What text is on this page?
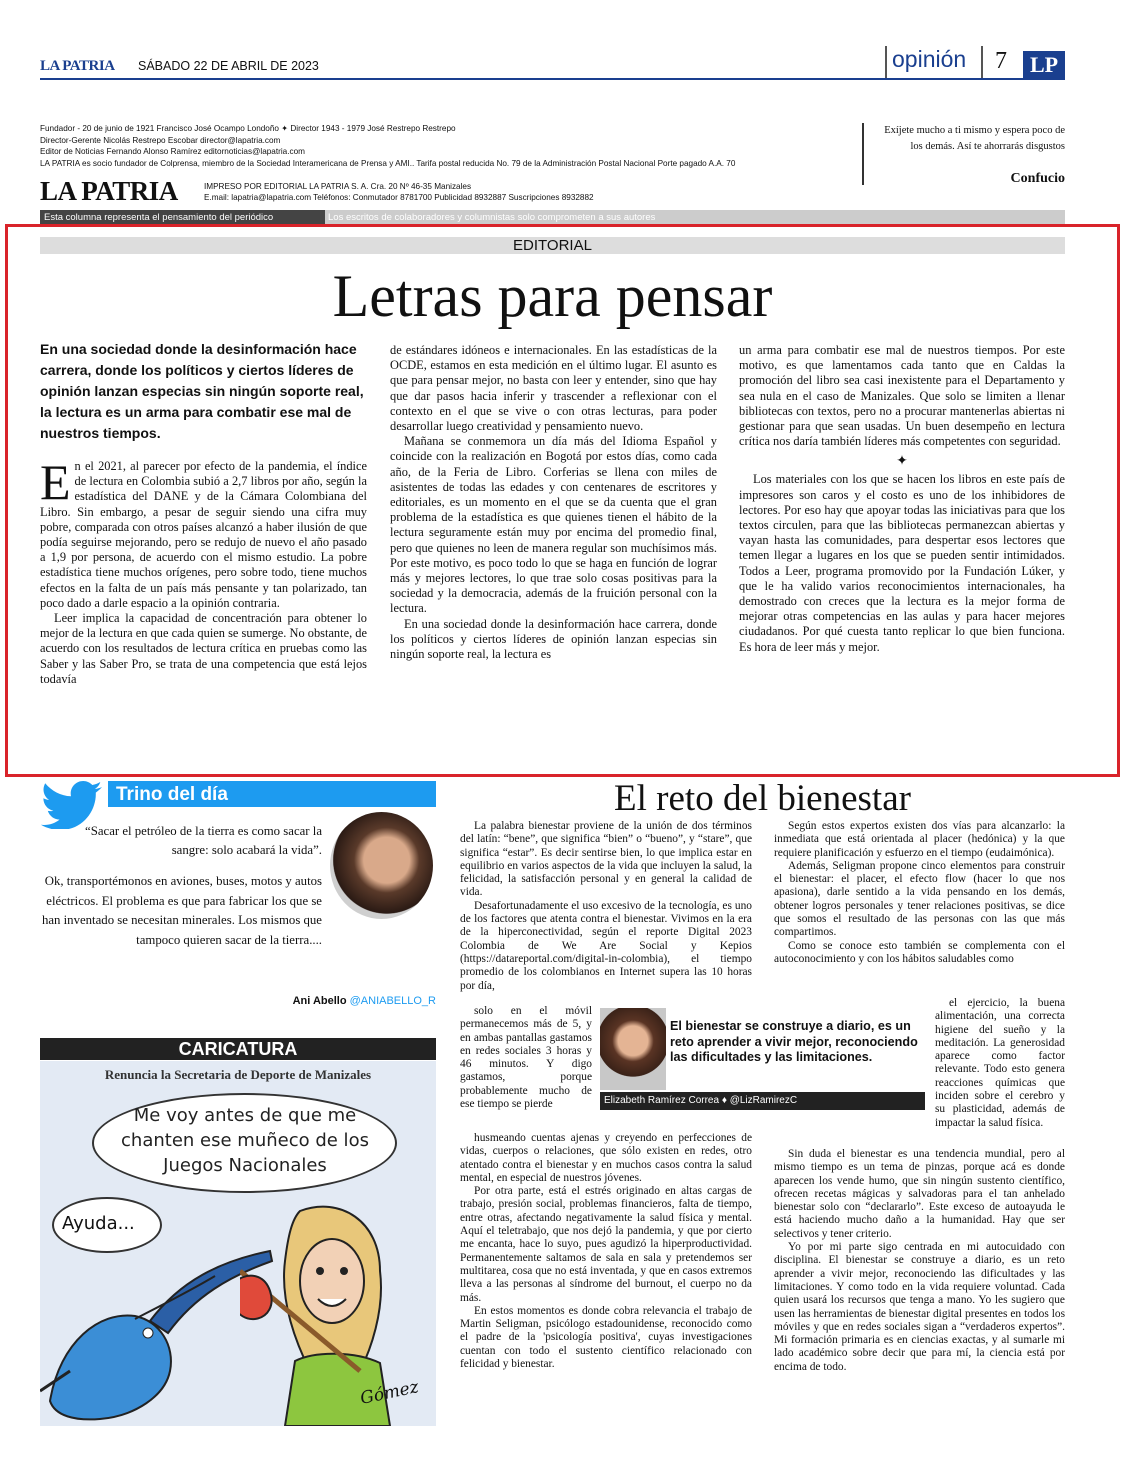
LA PATRIA SÁBADO 22 DE ABRIL DE 2023	opinión 7	LP
Fundador - 20 de junio de 1921 Francisco José Ocampo Londoño ✦ Director 1943 - 1979 José Restrepo Restrepo
Director-Gerente Nicolás Restrepo Escobar director@lapatria.com
Editor de Noticias Fernando Alonso Ramírez editornoticias@lapatria.com
LA PATRIA es socio fundador de Colprensa, miembro de la Sociedad Interamericana de Prensa y AMI.. Tarifa postal reducida No. 79 de la Administración Postal Nacional Porte pagado A.A. 70
LA PATRIA	IMPRESO POR EDITORIAL LA PATRIA S. A. Cra. 20 Nº 46-35 Manizales
E.mail: lapatria@lapatria.com Teléfonos: Conmutador 8781700 Publicidad 8932887 Suscripciones 8932882
Exíjete mucho a ti mismo y espera poco de los demás. Así te ahorrarás disgustos
Confucio
Esta columna representa el pensamiento del periódico	Los escritos de colaboradores y columnistas solo comprometen a sus autores
EDITORIAL
Letras para pensar
En una sociedad donde la desinformación hace carrera, donde los políticos y ciertos líderes de opinión lanzan especias sin ningún soporte real, la lectura es un arma para combatir ese mal de nuestros tiempos.

En el 2021, al parecer por efecto de la pandemia, el índice de lectura en Colombia subió a 2,7 libros por año, según la estadística del DANE y de la Cámara Colombiana del Libro. Sin embargo, a pesar de seguir siendo una cifra muy pobre, comparada con otros países alcanzó a haber ilusión de que podía seguirse mejorando, pero se redujo de nuevo el año pasado a 1,9 por persona, de acuerdo con el mismo estudio. La pobre estadística tiene muchos orígenes, pero sobre todo, tiene muchos efectos en la falta de un país más pensante y tan polarizado, tan poco dado a darle espacio a la opinión contraria.

Leer implica la capacidad de concentración para obtener lo mejor de la lectura en que cada quien se sumerge. No obstante, de acuerdo con los resultados de lectura crítica en pruebas como las Saber y las Saber Pro, se trata de una competencia que está lejos todavía

de estándares idóneos e internacionales. En las estadísticas de la OCDE, estamos en esta medición en el último lugar. El asunto es que para pensar mejor, no basta con leer y entender, sino que hay que dar pasos hacia inferir y trascender a reflexionar con el contexto en el que se vive o con otras lecturas, para poder desarrollar luego creatividad y pensamiento nuevo.

Mañana se conmemora un día más del Idioma Español y coincide con la realización en Bogotá por estos días, como cada año, de la Feria de Libro. Corferias se llena con miles de asistentes de todas las edades y con centenares de escritores y editoriales, es un momento en el que se da cuenta que el gran problema de la estadística es que quienes tienen el hábito de la lectura seguramente están muy por encima del promedio final, pero que quienes no leen de manera regular son muchísimos más. Por este motivo, es poco todo lo que se haga en función de lograr más y mejores lectores, lo que trae solo cosas positivas para la sociedad y la democracia, además de la fruición personal con la lectura.

En una sociedad donde la desinformación hace carrera, donde los políticos y ciertos líderes de opinión lanzan especias sin ningún soporte real, la lectura es

un arma para combatir ese mal de nuestros tiempos. Por este motivo, es que lamentamos cada tanto que en Caldas la promoción del libro sea casi inexistente para el Departamento y sea nula en el caso de Manizales. Que solo se limiten a llenar bibliotecas con textos, pero no a procurar mantenerlas abiertas ni gestionar para que sean usadas. Un buen desempeño en lectura crítica nos daría también líderes más competentes con seguridad.

✦

Los materiales con los que se hacen los libros en este país de impresores son caros y el costo es uno de los inhibidores de lectores. Por eso hay que apoyar todas las iniciativas para que los textos circulen, para que las bibliotecas permanezcan abiertas y vayan hasta las comunidades, para despertar esos lectores que temen llegar a lugares en los que se pueden sentir intimidados. Todos a Leer, programa promovido por la Fundación Lúker, y que le ha valido varios reconocimientos internacionales, ha demostrado con creces que la lectura es la mejor forma de mejorar otras competencias en las aulas y para hacer mejores ciudadanos. Por qué cuesta tanto replicar lo que bien funciona. Es hora de leer más y mejor.

Trino del día
“Sacar el petróleo de la tierra es como sacar la sangre: solo acabará la vida”.
Ok, transportémonos en aviones, buses, motos y autos eléctricos. El problema es que para fabricar los que se han inventado se necesitan minerales. Los mismos que tampoco quieren sacar de la tierra....
Ani Abello @ANIABELLO_R
CARICATURA
Renuncia la Secretaria de Deporte de Manizales
Me voy antes de que me chanten ese muñeco de los Juegos Nacionales
Ayuda...
Gómez
El reto del bienestar

La palabra bienestar proviene de la unión de dos términos del latín: “bene”, que significa “bien” o “bueno”, y “stare”, que significa “estar”. Es decir sentirse bien, lo que implica estar en equilibrio en varios aspectos de la vida que incluyen la salud, la felicidad, la satisfacción personal y en general la calidad de vida.

Desafortunadamente el uso excesivo de la tecnología, es uno de los factores que atenta contra el bienestar. Vivimos en la era de la hiperconectividad, según el reporte Digital 2023 Colombia de We Are Social y Kepios (https://datareportal.com/digital-in-colombia), el tiempo promedio de los colombianos en Internet supera las 10 horas por día,

solo en el móvil permanecemos más de 5, y en ambas pantallas gastamos en redes sociales 3 horas y 46 minutos. Y digo gastamos, porque probablemente mucho de ese tiempo se pierde

husmeando cuentas ajenas y creyendo en perfecciones de vidas, cuerpos o relaciones, que sólo existen en redes, otro atentado contra el bienestar y en muchos casos contra la salud mental, en especial de nuestros jóvenes.

Por otra parte, está el estrés originado en altas cargas de trabajo, presión social, problemas financieros, falta de tiempo, entre otras, afectando negativamente la salud física y mental. Aquí el teletrabajo, que nos dejó la pandemia, y que por cierto me encanta, hace lo suyo, pues agudizó la hiperproductividad. Permanentemente saltamos de sala en sala y pretendemos ser multitarea, cosa que no está inventada, y que en casos extremos lleva a las personas al síndrome del burnout, el cuerpo no da más.

En estos momentos es donde cobra relevancia el trabajo de Martin Seligman, psicólogo estadounidense, reconocido como el padre de la 'psicología positiva', cuyas investigaciones cuentan con todo el sustento científico relacionado con felicidad y bienestar.

Según estos expertos existen dos vías para alcanzarlo: la inmediata que está orientada al placer (hedónica) y la que requiere planificación y esfuerzo en el tiempo (eudaimónica).

Además, Seligman propone cinco elementos para construir el bienestar: el placer, el efecto flow (hacer lo que nos apasiona), darle sentido a la vida pensando en los demás, obtener logros personales y tener relaciones positivas, se dice que somos el resultado de las personas con las que más compartimos.

Como se conoce esto también se complementa con el autoconocimiento y con los hábitos saludables como

el ejercicio, la buena alimentación, una correcta higiene del sueño y la meditación. La generosidad aparece como factor relevante. Todo esto genera reacciones químicas que inciden sobre el cerebro y su plasticidad, además de impactar la salud física.

Sin duda el bienestar es una tendencia mundial, pero al mismo tiempo es un tema de pinzas, porque acá es donde aparecen los vende humo, que sin ningún sustento científico, ofrecen recetas mágicas y salvadoras para el tan anhelado bienestar solo con “declararlo”. Este exceso de autoayuda le está haciendo mucho daño a la humanidad. Hay que ser selectivos y tener criterio.

Yo por mi parte sigo centrada en mi autocuidado con disciplina. El bienestar se construye a diario, es un reto aprender a vivir mejor, reconociendo las dificultades y las limitaciones. Y como todo en la vida requiere voluntad. Cada quien usará los recursos que tenga a mano. Yo les sugiero que usen las herramientas de bienestar digital presentes en todos los móviles y que en redes sociales sigan a “verdaderos expertos”. Mi formación primaria es en ciencias exactas, y al sumarle mi lado académico sobre decir que para mí, la ciencia está por encima de todo.

El bienestar se construye a diario, es un reto aprender a vivir mejor, reconociendo las dificultades y las limitaciones.
Elizabeth Ramírez Correa ♦ @LizRamirezC
